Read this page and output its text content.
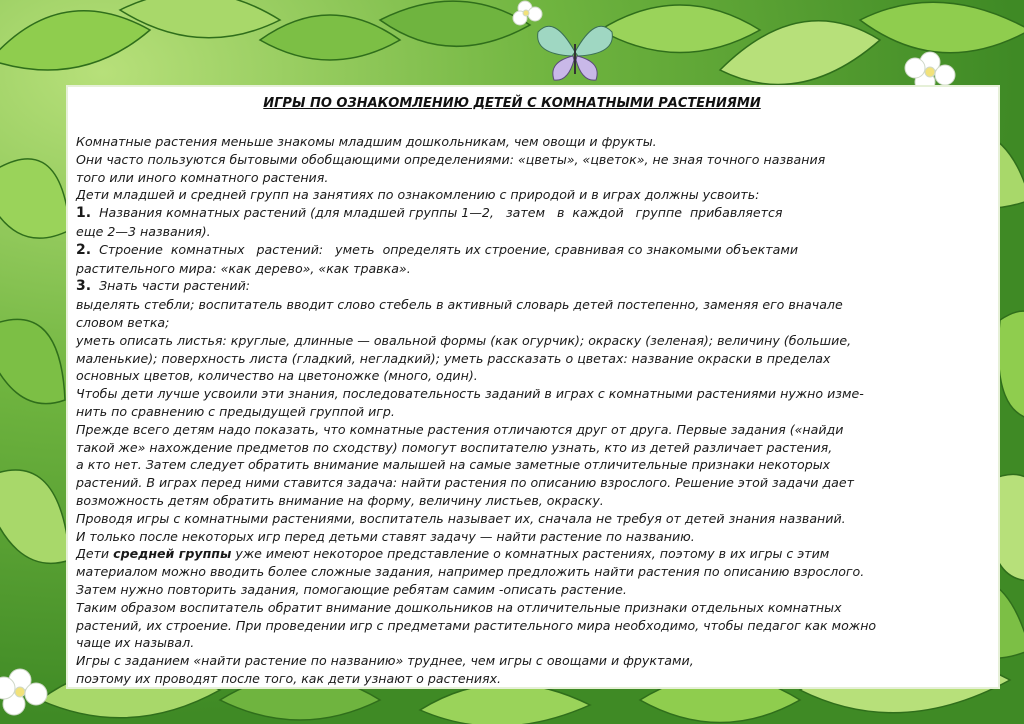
ИГРЫ ПО ОЗНАКОМЛЕНИЮ ДЕТЕЙ С КОМНАТНЫМИ РАСТЕНИЯМИ

Комнатные растения меньше знакомы младшим дошкольникам, чем овощи и фрукты.

Они часто пользуются бытовыми обобщающими определениями: «цветы», «цветок», не зная точного названия

того или иного комнатного растения.

Дети младшей и средней групп на занятиях по ознакомлению с природой и в играх должны усвоить:

1.  Названия комнатных растений (для младшей группы 1—2,   затем   в  каждой   группе  прибавляется

еще 2—3 названия).

2.  Строение  комнатных   растений:   уметь  определять их строение, сравнивая со знакомыми объектами

растительного мира: «как дерево», «как травка».

3.  Знать части растений:

выделять стебли; воспитатель вводит слово стебель в активный словарь детей постепенно, заменяя его вначале

словом ветка;

уметь описать листья: круглые, длинные — овальной формы (как огурчик); окраску (зеленая); величину (большие,

маленькие); поверхность листа (гладкий, негладкий); уметь рассказать о цветах: название окраски в пределах

основных цветов, количество на цветоножке (много, один).

Чтобы дети лучше усвоили эти знания, последовательность заданий в играх с комнатными растениями нужно изме-

нить по сравнению с предыдущей группой игр.

Прежде всего детям надо показать, что комнатные растения отличаются друг от друга. Первые задания («найди

такой же» нахождение предметов по сходству) помогут воспитателю узнать, кто из детей различает растения,

а кто нет. Затем следует обратить внимание малышей на самые заметные отличительные признаки некоторых

растений. В играх перед ними ставится задача: найти растения по описанию взрослого. Решение этой задачи дает

возможность детям обратить внимание на форму, величину листьев, окраску.

Проводя игры с комнатными растениями, воспитатель называет их, сначала не требуя от детей знания названий.

И только после некоторых игр перед детьми ставят задачу — найти растение по названию.

Дети средней группы уже имеют некоторое представление о комнатных растениях, поэтому в их игры с этим

материалом можно вводить более сложные задания, например предложить найти растения по описанию взрослого.

Затем нужно повторить задания, помогающие ребятам самим -описать растение.

Таким образом воспитатель обратит внимание дошкольников на отличительные признаки отдельных комнатных

растений, их строение. При проведении игр с предметами растительного мира необходимо, чтобы педагог как можно

чаще их называл.

Игры с заданием «найти растение по названию» труднее, чем игры с овощами и фруктами,

поэтому их проводят после того, как дети узнают о растениях.
